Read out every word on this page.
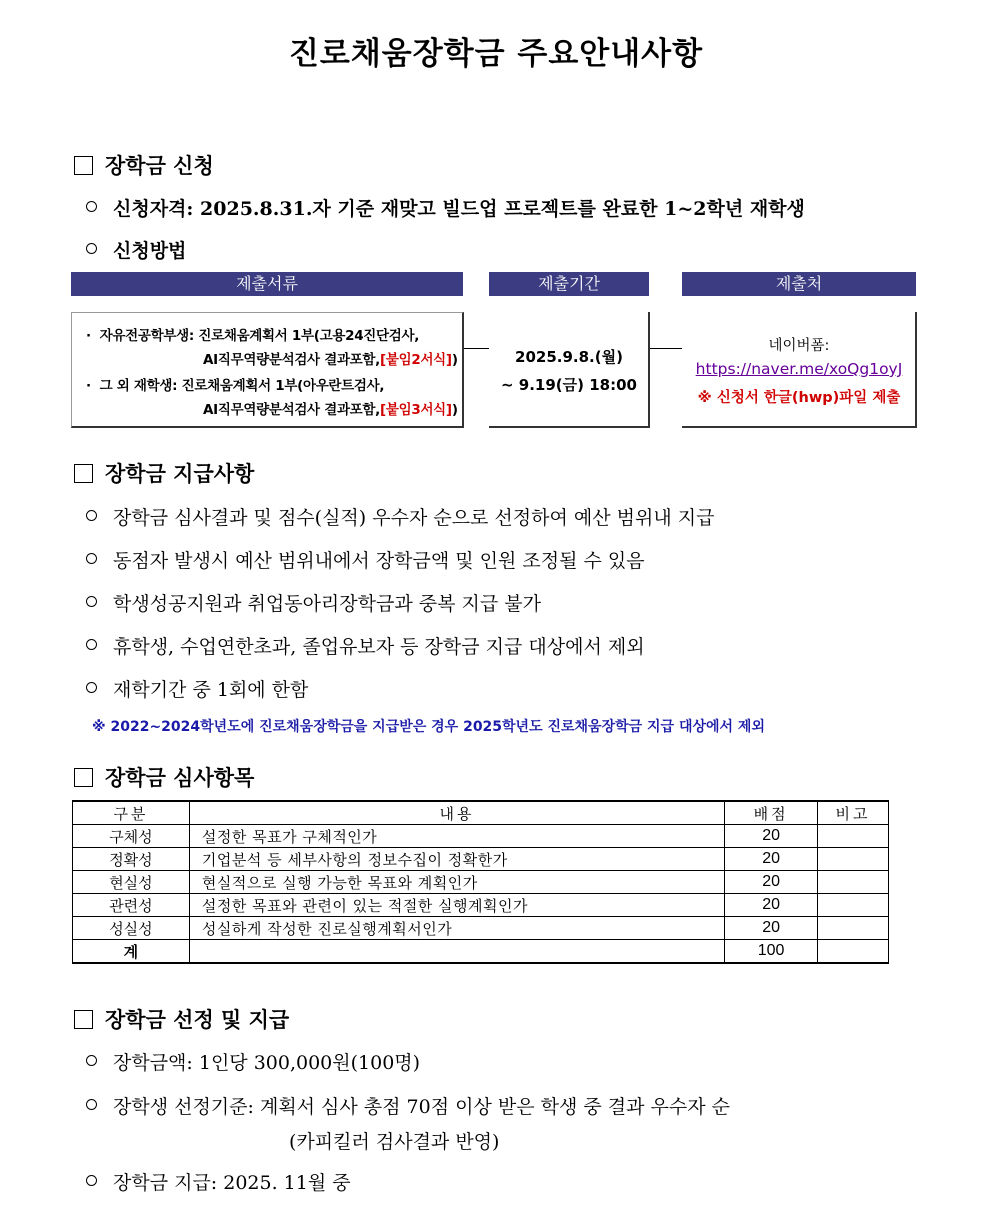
진로채움장학금 주요안내사항
장학금 신청
신청자격: 2025.8.31.자 기준 재맞고 빌드업 프로젝트를 완료한 1~2학년 재학생
신청방법
제출서류	제출기간	제출처
·  자유전공학부생: 진로채움계획서 1부(고용24진단검사,
AI직무역량분석검사 결과포함,[붙임2서식])
·  그 외 재학생: 진로채움계획서 1부(아우란트검사,
AI직무역량분석검사 결과포함,[붙임3서식])
2025.9.8.(월)
~ 9.19(금) 18:00
네이버폼:
https://naver.me/xoQg1oyJ
※ 신청서 한글(hwp)파일 제출
장학금 지급사항
장학금 심사결과 및 점수(실적) 우수자 순으로 선정하여 예산 범위내 지급
동점자 발생시 예산 범위내에서 장학금액 및 인원 조정될 수 있음
학생성공지원과 취업동아리장학금과 중복 지급 불가
휴학생, 수업연한초과, 졸업유보자 등 장학금 지급 대상에서 제외
재학기간 중 1회에 한함
※ 2022~2024학년도에 진로채움장학금을 지급받은 경우 2025학년도 진로채움장학금 지급 대상에서 제외
장학금 심사항목
구분	내용	배점	비고
구체성	설정한 목표가 구체적인가	20	
정확성	기업분석 등 세부사항의 정보수집이 정확한가	20	
현실성	현실적으로 실행 가능한 목표와 계획인가	20	
관련성	설정한 목표와 관련이 있는 적절한 실행계획인가	20	
성실성	성실하게 작성한 진로실행계획서인가	20	
계		100	
장학금 선정 및 지급
장학금액: 1인당 300,000원(100명)
장학생 선정기준: 계획서 심사 총점 70점 이상 받은 학생 중 결과 우수자 순
(카피킬러 검사결과 반영)
장학금 지급: 2025. 11월 중
